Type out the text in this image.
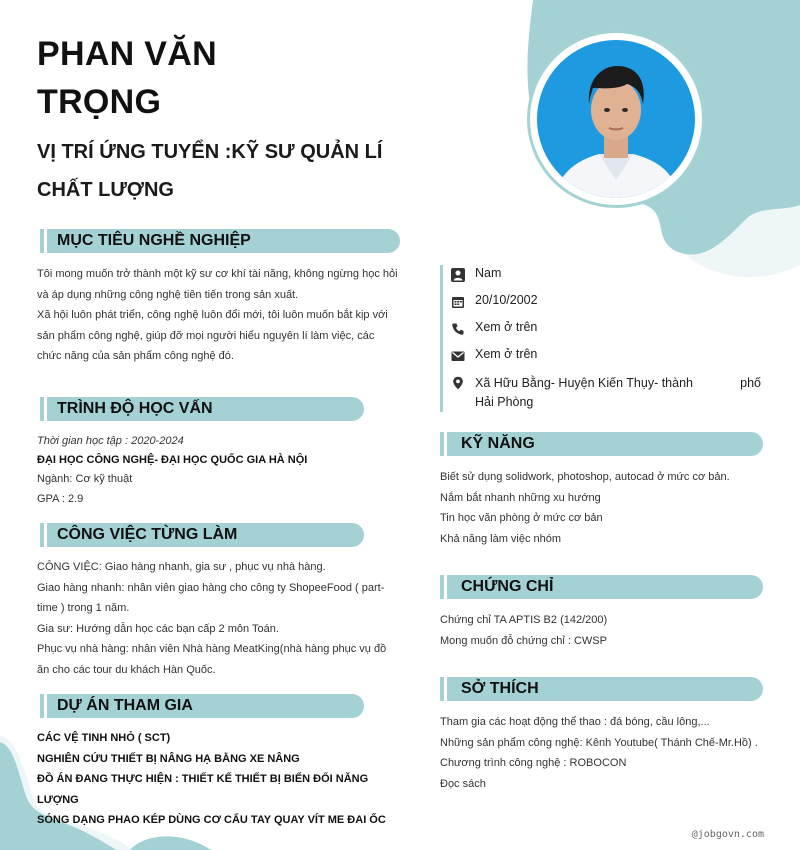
PHAN VĂN
TRỌNG
VỊ TRÍ ỨNG TUYỂN :KỸ SƯ QUẢN LÍ
CHẤT LƯỢNG
MỤC TIÊU NGHỀ NGHIỆP

Tôi mong muốn trở thành một kỹ sư cơ khí tài năng, không ngừng học hỏi

và áp dụng những công nghệ tiên tiến trong sản xuất.

Xã hội luôn phát triển, công nghệ luôn đổi mới, tôi luôn muốn bắt kịp với

sản phẩm công nghệ, giúp đỡ mọi người hiểu nguyên lí làm việc, các

chức năng của sản phẩm công nghệ đó.

TRÌNH ĐỘ HỌC VẤN

Thời gian học tập : 2020-2024

ĐẠI HỌC CÔNG NGHỆ- ĐẠI HỌC QUỐC GIA HÀ NỘI

Ngành: Cơ kỹ thuật

GPA : 2.9

CÔNG VIỆC TỪNG LÀM

CÔNG VIỆC: Giao hàng nhanh, gia sư , phục vụ nhà hàng.

Giao hàng nhanh: nhân viên giao hàng cho công ty ShopeeFood ( part-

time ) trong 1 năm.

Gia sư: Hướng dẫn học các bạn cấp 2 môn Toán.

Phục vụ nhà hàng: nhân viên Nhà hàng MeatKing(nhà hàng phục vụ đồ

ăn cho các tour du khách Hàn Quốc.

DỰ ÁN THAM GIA

CÁC VỆ TINH NHỎ ( SCT)

NGHIÊN CỨU THIẾT BỊ NÂNG HẠ BẰNG XE NÂNG

ĐỒ ÁN ĐANG THỰC HIỆN : THIẾT KẾ THIẾT BỊ BIẾN ĐỔI NĂNG LƯỢNG

SÓNG DẠNG PHAO KÉP DÙNG CƠ CẤU TAY QUAY VÍT ME ĐAI ỐC

Nam
20/10/2002
Xem ở trên
Xem ở trên
Xã Hữu Bằng- Huyện Kiến Thụy- thành	phố
Hải Phòng
KỸ NĂNG

Biết sử dụng solidwork, photoshop, autocad ở mức cơ bản.

Nắm bắt nhanh những xu hướng

Tin học văn phòng ở mức cơ bản

Khả năng làm việc nhóm

CHỨNG CHỈ

Chứng chỉ TA APTIS B2 (142/200)

Mong muốn đỗ chứng chỉ : CWSP

SỞ THÍCH

Tham gia các hoạt động thể thao : đá bóng, cầu lông,...

Những sản phẩm công nghệ: Kênh Youtube( Thánh Chế-Mr.Hồ) .

Chương trình công nghệ : ROBOCON

Đọc sách

@jobgovn.com
